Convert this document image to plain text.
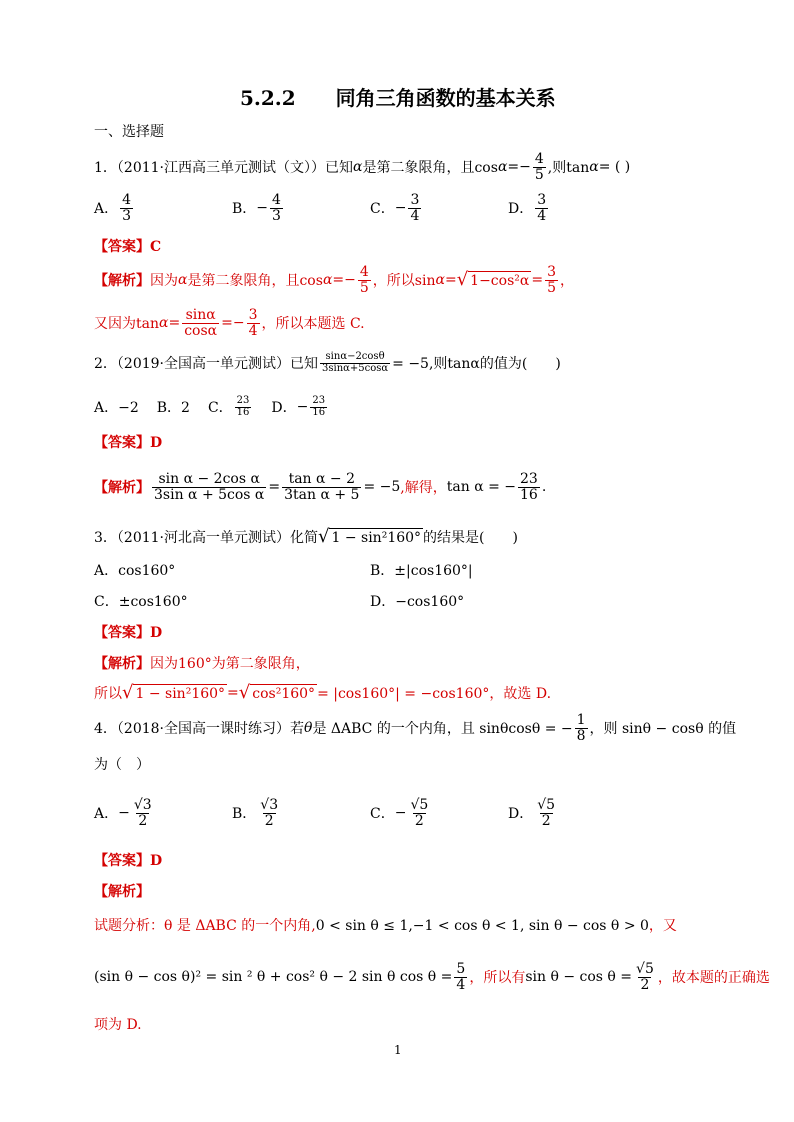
5.2.2　　同角三角函数的基本关系
一、选择题
1．（2011·江西高三单元测试（文））已知 α 是第二象限角，且cos α = − $\frac{4}{5}$ ,则tan α = ( )
A． $\frac{4}{3}$	B． − $\frac{4}{3}$	C． − $\frac{3}{4}$	D． $\frac{3}{4}$
【答案】C
【解析】 因为 α 是第二象限角，且cos α = − $\frac{4}{5}$ ，所以sin α = √ $1-\cos^2\alpha = \frac{3}{5}$ ，
又因为$\tan \alpha = \frac{\sin\alpha}{\cos\alpha}$ = − $\frac{3}{4}$ ，所以本题选 C.
2．（2019·全国高一单元测试）已知 $\frac{\sin\alpha-2\cos\theta}{3\sin\alpha+5\cos\alpha} = -5$,则tanα的值为(　　)
A．−2 B．2 C． $\frac{23}{16}$ D． − $\frac{23}{16}$
【答案】D
【解析】 $\frac{\text{sin α − 2cos α}}{\text{3sin α + 5cos α}} = \frac{\text{tan α − 2}}{\text{3tan α + 5}} = -5$ ,解得， tan α = − $\frac{23}{16}$ .
3．（2011·河北高一单元测试）化简 √ 1 − sin²160° 的结果是(　　)
A．cos160°	B．±|cos160°|
C．±cos160°	D．−cos160°
【答案】D
【解析】因为160°为第二象限角，
所以 √ 1 − sin²160° = √ cos²160° = |cos160°| = −cos160°，故选 D.
4．（2018·全国高一课时练习）若 θ 是 ΔABC 的一个内角，且 sinθcosθ = − $\frac{1}{8}$ ，则 sinθ − cosθ 的值
为（　）
A． − $\frac{√3}{2}$	B． $\frac{√3}{2}$	C． − $\frac{√5}{2}$	D． $\frac{√5}{2}$
【答案】D
【解析】
试题分析：θ 是 ΔABC 的一个内角,0 < sin θ ≤ 1,−1 < cos θ < 1, sin θ − cos θ > 0，又
(sin θ − cos θ)² = sin ² θ + cos² θ − 2 sin θ $\cos \theta = \frac{5}{4}$ ，所以有 $\sin \theta - \cos \theta = \frac{√5}{2}$ ，故本题的正确选
项为 D.
1
